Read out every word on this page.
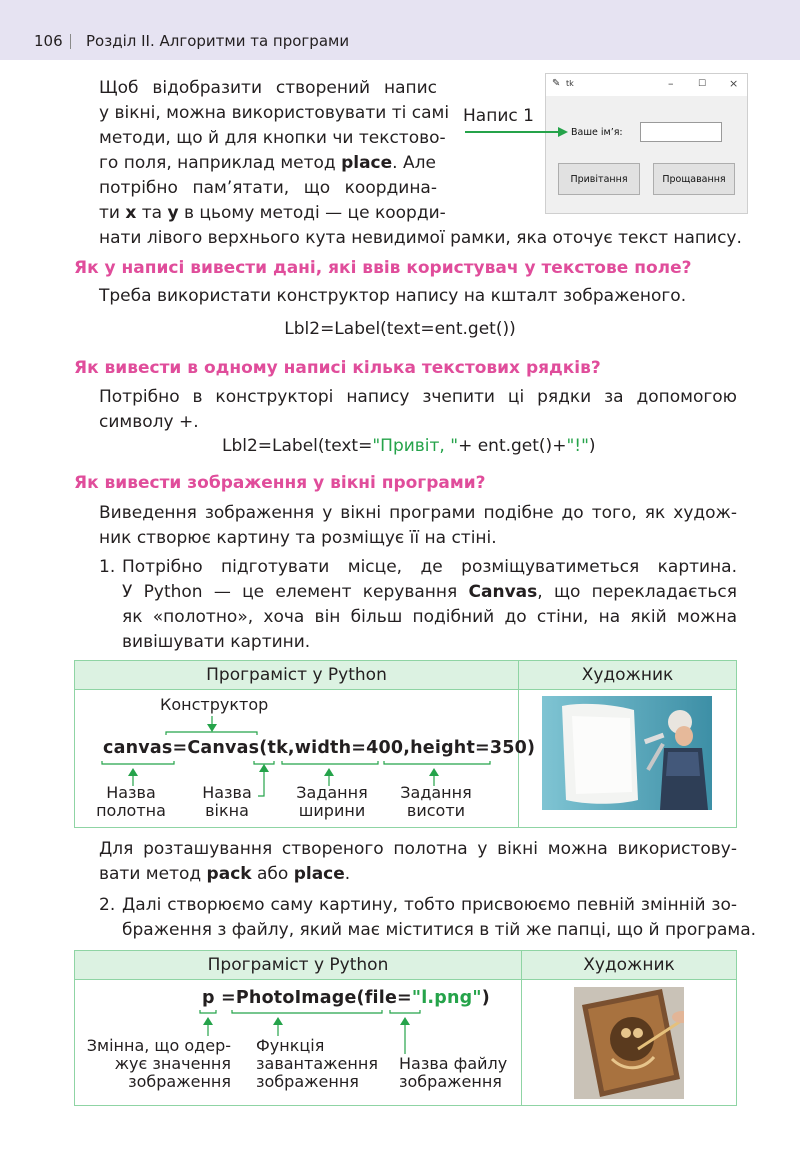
106 Розділ ІІ. Алгоритми та програми
Щоб відобразити створений напис
у вікні, можна використовувати ті самі
методи, що й для кнопки чи текстово-
го поля, наприклад метод place. Але
потрібно пам’ятати, що координа-
ти x та y в цьому методі — це коорди-
нати лівого верхнього кута невидимої рамки, яка оточує текст напису.
✎ tk	–	☐ ×
Ваше ім’я:
Привітання	Прощавання
Напис 1
Як у написі вивести дані, які ввів користувач у текстове поле?
Треба використати конструктор напису на кшталт зображеного.
Lbl2=Label(text=ent.get())
Як вивести в одному написі кілька текстових рядків?
Потрібно в конструкторі напису зчепити ці рядки за допомогою
символу +.
Lbl2=Label(text="Привіт, "+ ent.get()+"!")
Як вивести зображення у вікні програми?
Виведення зображення у вікні програми подібне до того, як худож-
ник створює картину та розміщує її на стіні.
1. Потрібно підготувати місце, де розміщуватиметься картина.
У Python — це елемент керування Canvas, що перекладається
як «полотно», хоча він більш подібний до стіни, на якій можна
вивішувати картини.
Програміст у Python	Художник
Конструктор
canvas=Canvas(tk,width=400,height=350)
Назва
полотна
Назва
вікна
Задання
ширини
Задання
висоти
Для розташування створеного полотна у вікні можна використову-
вати метод pack або place.
2. Далі створюємо саму картину, тобто присвоюємо певній змінній зо-
браження з файлу, який має міститися в тій же папці, що й програма.
Програміст у Python	Художник
p =PhotoImage(file="l.png")
Змінна, що одер-
жує значення
зображення
Функція
завантаження
зображення
Назва файлу
зображення
